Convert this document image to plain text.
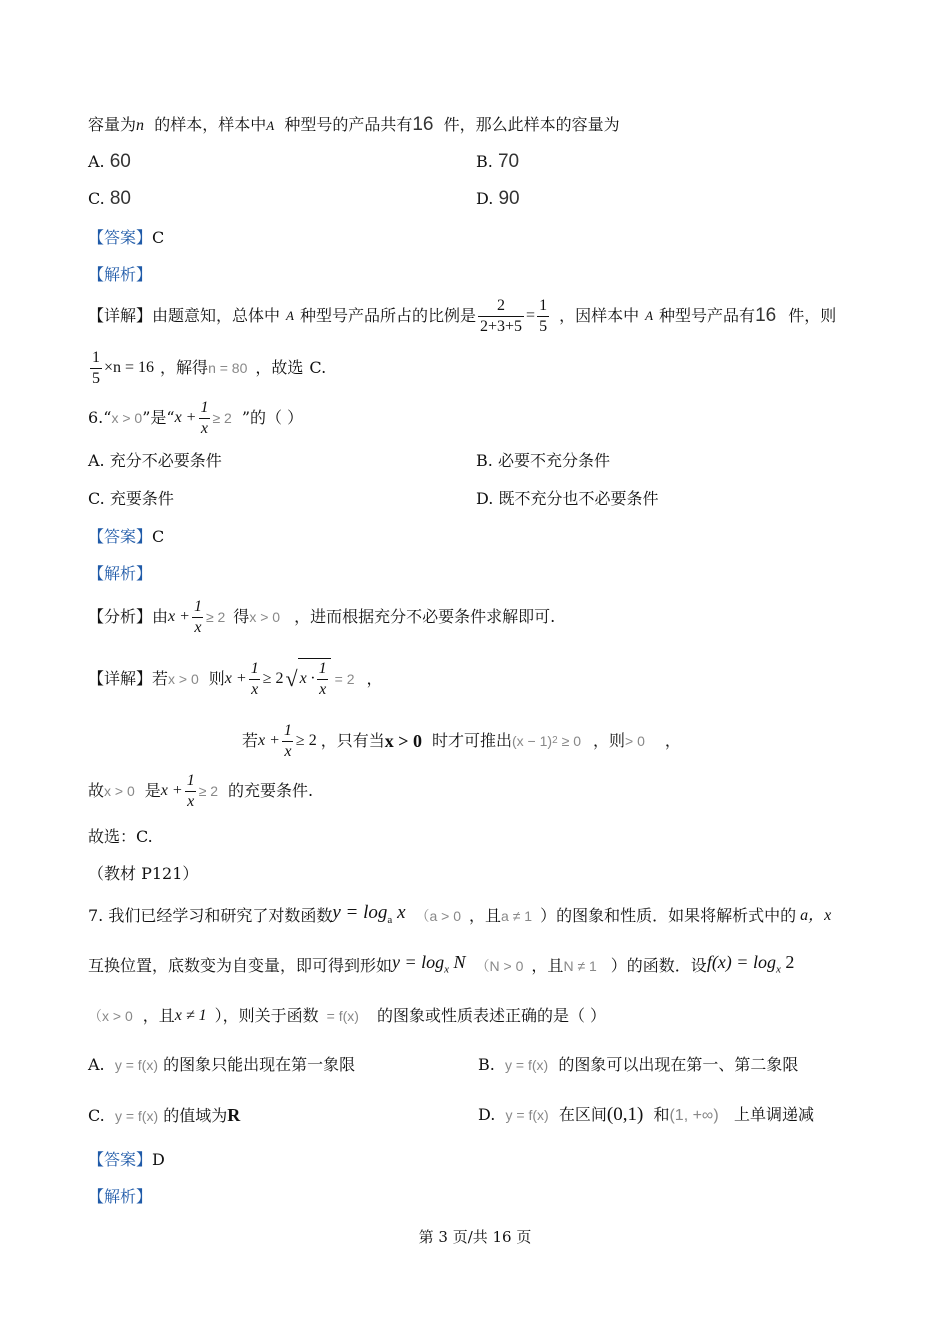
容量为n 的样本，样本中A 种型号的产品共有16 件，那么此样本的容量为
A. 60	B. 70
C. 80	D. 90
【答案】C
【解析】
【详解】 由题意知，总体中 A 种型号产品所占的比例是 $\frac{2}{2+3+5} = \frac{1}{5}$ ，因样本中 A 种型号产品有 16 件，则
$\frac{1}{5} \times n = 16$ ，解得 n = 80 ，故选 C.
6. “ x > 0 ”是“ $x + \frac{1}{x} \ge 2$ ”的（ ）
A. 充分不必要条件	B. 必要不充分条件
C. 充要条件	D. 既不充分也不必要条件
【答案】C
【解析】
【分析】 由 $x + \frac{1}{x} \ge 2$ 得 x > 0 ，进而根据充分不必要条件求解即可.
【详解】 若 x > 0 则 $x + \frac{1}{x} \ge 2$ √ $x \cdot \frac{1}{x} = 2$ ，
若 $x + \frac{1}{x} \ge 2$ ，只有当 x > 0 时才可推出 (x − 1) 2 ≥ 0 ，则 > 0 ，
故 x > 0 是 $x + \frac{1}{x} \ge 2$ 的充要条件.
故选：C.
（教材 P121）
7.
我们已经学习和研究了对数函数 $y = \log_a x$ （a > 0 ，且 a ≠ 1 ）的图象和性质．如果将解析式中的 a，x
互换位置，底数变为自变量，即可得到形如 $y = \log_x N$ （N > 0 ，且 N ≠ 1 ）的函数．设 $f(x) = \log_x 2$
（x > 0 ，且 x ≠ 1 ），则关于函数 = f(x) 的图象或性质表述正确的是（ ）
A. y = f(x) 的图象只能出现在第一象限	B. y = f(x) 的图象可以出现在第一、第二象限
C. y = f(x) 的值域为R	D. y = f(x) 在区间(0,1) 和(1, +∞) 上单调递减
【答案】D
【解析】
第 3 页/共 16 页
